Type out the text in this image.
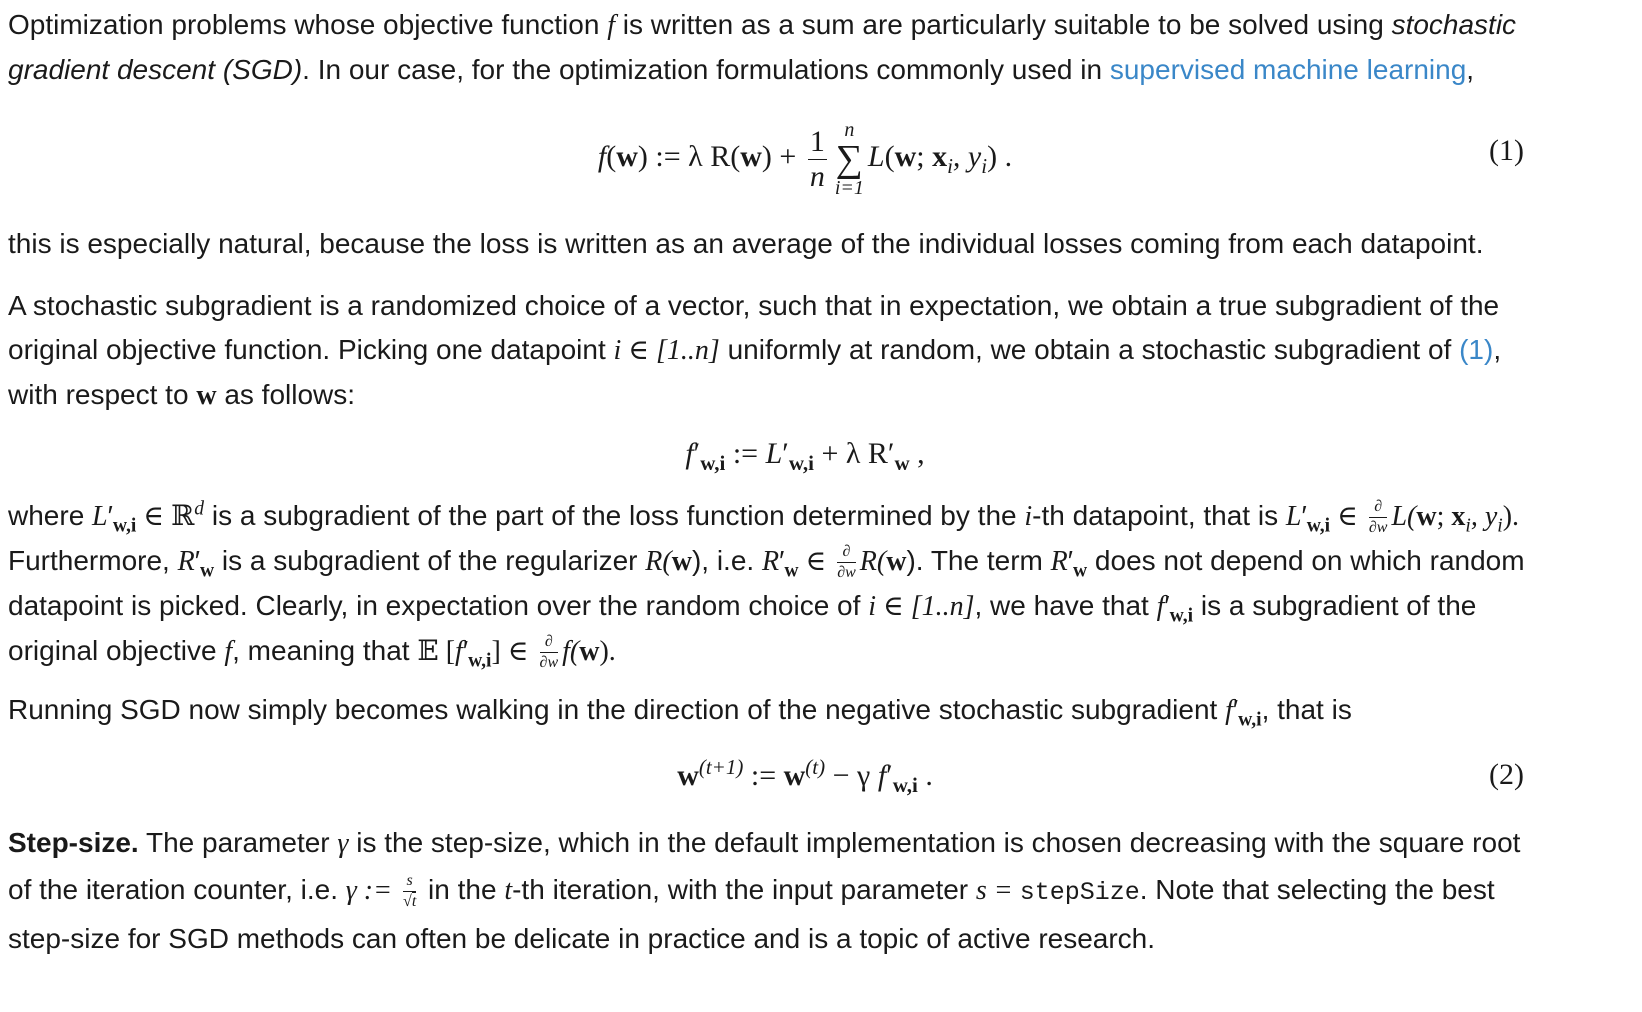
Optimization problems whose objective function f is written as a sum are particularly suitable to be solved using stochastic gradient descent (SGD). In our case, for the optimization formulations commonly used in supervised machine learning,

f(w) := λ $R(w) + \frac{1}{n}$ n
∑
i=1
L(w; $x_i$, $y_i$) .	(1)

this is especially natural, because the loss is written as an average of the individual losses coming from each datapoint.

A stochastic subgradient is a randomized choice of a vector, such that in expectation, we obtain a true subgradient of the original objective function. Picking one datapoint i ∈ [1..n] uniformly at random, we obtain a stochastic subgradient of (1), with respect to w as follows:

$f'_{w,i}$ := $L'_{w,i} + \lambda$ $R'_w$ ,

where $L'_{w,i}$ ∈ ℝ$^d$ is a subgradient of the part of the loss function determined by the i-th datapoint, that is $L'_{w,i}$ ∈ $\frac{\partial}{\partial w} L(w$; $x_i$, $y_i$). Furthermore, $R'_w$ is a subgradient of the regularizer R(w), i.e. $R'_w$ ∈ $\frac{\partial}{\partial w} R(w)$. The term $R'_w$ does not depend on which random datapoint is picked. Clearly, in expectation over the random choice of i ∈ [1..n], we have that $f'_{w,i}$ is a subgradient of the original objective f, meaning that 𝔼 $[f'_{w,i}]$ ∈ $\frac{\partial}{\partial w} f(w)$.

Running SGD now simply becomes walking in the direction of the negative stochastic subgradient $f'_{w,i}$, that is

$w^{(t+1)}$ := $w^{(t)} - \gamma$ $f'_{w,i}$ .	(2)

Step-size. The parameter γ is the step-size, which in the default implementation is chosen decreasing with the square root of the iteration counter, i.e. γ := $\frac{s}{√t}$ in the t-th iteration, with the input parameter s = stepSize. Note that selecting the best step-size for SGD methods can often be delicate in practice and is a topic of active research.
